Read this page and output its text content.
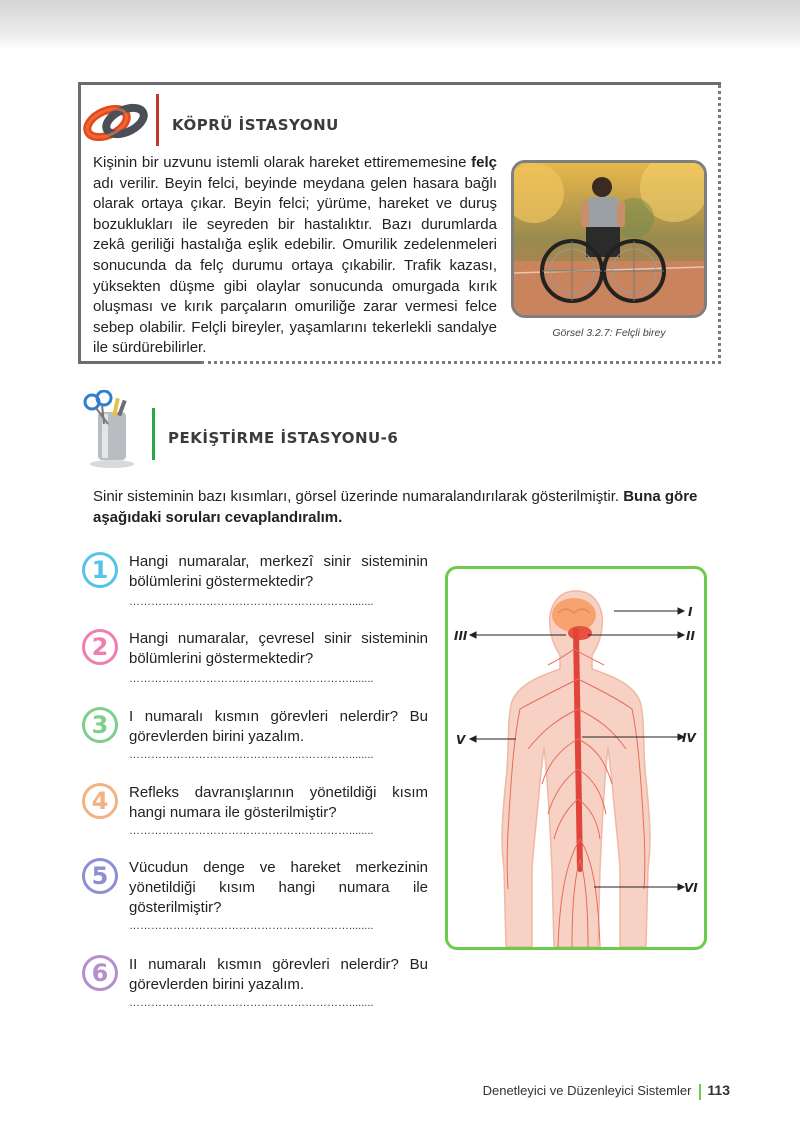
KÖPRÜ İSTASYONU
Kişinin bir uzvunu istemli olarak hareket ettirememesine felç adı verilir. Beyin felci, beyinde meydana gelen hasara bağlı olarak ortaya çıkar. Beyin felci; yürüme, hareket ve duruş bozuklukları ile seyreden bir hastalıktır. Bazı durumlarda zekâ geriliği hastalığa eşlik edebilir. Omurilik zedelenmeleri sonucunda da felç durumu ortaya çıkabilir. Trafik kazası, yüksekten düşme gibi olaylar sonucunda omurgada kırık oluşması ve kırık parçaların omuriliğe zarar vermesi felce sebep olabilir. Felçli bireyler, yaşamlarını tekerlekli sandalye ile sürdürebilirler.
Görsel 3.2.7: Felçli birey
PEKİŞTİRME İSTASYONU-6
Sinir sisteminin bazı kısımları, görsel üzerinde numaralandırılarak gösterilmiştir. Buna göre aşağıdaki soruları cevaplandıralım.
1	Hangi numaralar, merkezî sinir sisteminin bölümlerini göstermektedir?
……………………………………………………........
2	Hangi numaralar, çevresel sinir sisteminin bölümlerini göstermektedir?
……………………………………………………........
3	I numaralı kısmın görevleri nelerdir? Bu görevlerden birini yazalım.
……………………………………………………........
4	Refleks davranışlarının yönetildiği kısım hangi numara ile gösterilmiştir?
……………………………………………………........
5	Vücudun denge ve hareket merkezinin yönetildiği kısım hangi numara ile gösterilmiştir?
……………………………………………………........
6	II numaralı kısmın görevleri nelerdir? Bu görevlerden birini yazalım.
……………………………………………………........
I
II
III
IV
V
VI
Denetleyici ve Düzenleyici Sistemler 113
